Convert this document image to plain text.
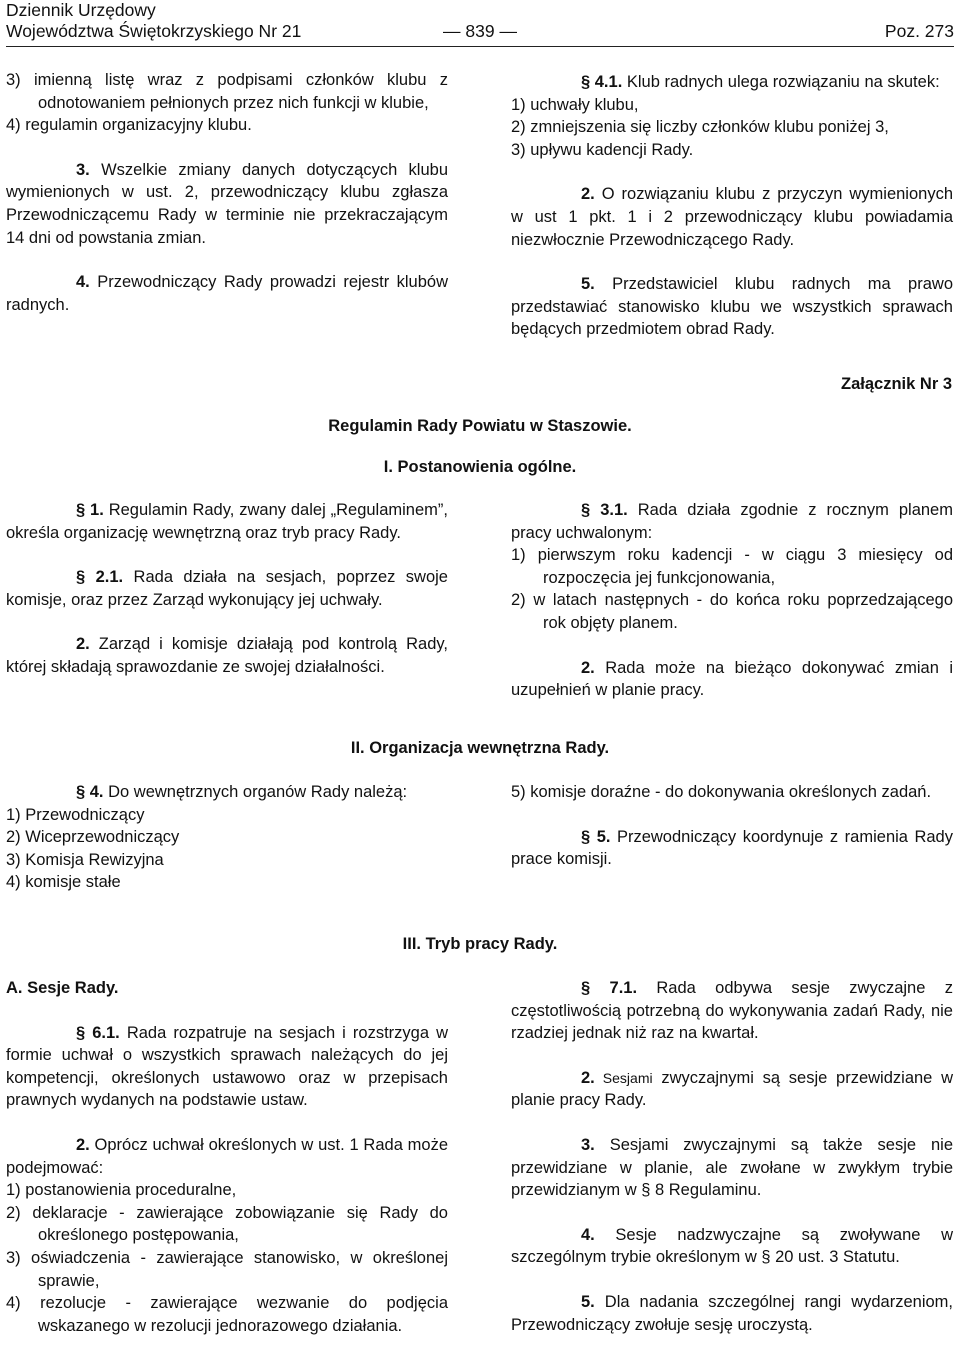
Dziennik Urzędowy
Województwa Świętokrzyskiego Nr 21	— 839 —	Poz. 273

3) imienną listę wraz z podpisami członków klubu z odnotowaniem pełnionych przez nich funkcji w klubie,

4) regulamin organizacyjny klubu.

3. Wszelkie zmiany danych dotyczących klubu wymienionych w ust. 2, przewodniczący klubu zgłasza Przewodniczącemu Rady w terminie nie przekraczającym 14 dni od powstania zmian.

4. Przewodniczący Rady prowadzi rejestr klubów radnych.

§ 4.1. Klub radnych ulega rozwiązaniu na skutek:

1) uchwały klubu,

2) zmniejszenia się liczby członków klubu poniżej 3,

3) upływu kadencji Rady.

2. O rozwiązaniu klubu z przyczyn wymienionych w ust 1 pkt. 1 i 2 przewodniczący klubu powiadamia niezwłocznie Przewodniczącego Rady.

5. Przedstawiciel klubu radnych ma prawo przedstawiać stanowisko klubu we wszystkich sprawach będących przedmiotem obrad Rady.

Załącznik Nr 3
Regulamin Rady Powiatu w Staszowie.
I. Postanowienia ogólne.

§ 1. Regulamin Rady, zwany dalej „Regulaminem”, określa organizację wewnętrzną oraz tryb pracy Rady.

§ 2.1. Rada działa na sesjach, poprzez swoje komisje, oraz przez Zarząd wykonujący jej uchwały.

2. Zarząd i komisje działają pod kontrolą Rady, której składają sprawozdanie ze swojej działalności.

§ 3.1. Rada działa zgodnie z rocznym planem pracy uchwalonym:

1) pierwszym roku kadencji - w ciągu 3 miesięcy od rozpoczęcia jej funkcjonowania,

2) w latach następnych - do końca roku poprzedzającego rok objęty planem.

2. Rada może na bieżąco dokonywać zmian i uzupełnień w planie pracy.

II. Organizacja wewnętrzna Rady.

§ 4. Do wewnętrznych organów Rady należą:

1) Przewodniczący

2) Wiceprzewodniczący

3) Komisja Rewizyjna

4) komisje stałe

5) komisje doraźne - do dokonywania określonych zadań.

§ 5. Przewodniczący koordynuje z ramienia Rady prace komisji.

III. Tryb pracy Rady.

A. Sesje Rady.

§ 6.1. Rada rozpatruje na sesjach i rozstrzyga w formie uchwał o wszystkich sprawach należących do jej kompetencji, określonych ustawowo oraz w przepisach prawnych wydanych na podstawie ustaw.

2. Oprócz uchwał określonych w ust. 1 Rada może podejmować:

1) postanowienia proceduralne,

2) deklaracje - zawierające zobowiązanie się Rady do określonego postępowania,

3) oświadczenia - zawierające stanowisko, w określonej sprawie,

4) rezolucje - zawierające wezwanie do podjęcia wskazanego w rezolucji jednorazowego działania.

§ 7.1. Rada odbywa sesje zwyczajne z częstotliwością potrzebną do wykonywania zadań Rady, nie rzadziej jednak niż raz na kwartał.

2. Sesjami zwyczajnymi są sesje przewidziane w planie pracy Rady.

3. Sesjami zwyczajnymi są także sesje nie przewidziane w planie, ale zwołane w zwykłym trybie przewidzianym w § 8 Regulaminu.

4. Sesje nadzwyczajne są zwoływane w szczególnym trybie określonym w § 20 ust. 3 Statutu.

5. Dla nadania szczególnej rangi wydarzeniom, Przewodniczący zwołuje sesję uroczystą.
